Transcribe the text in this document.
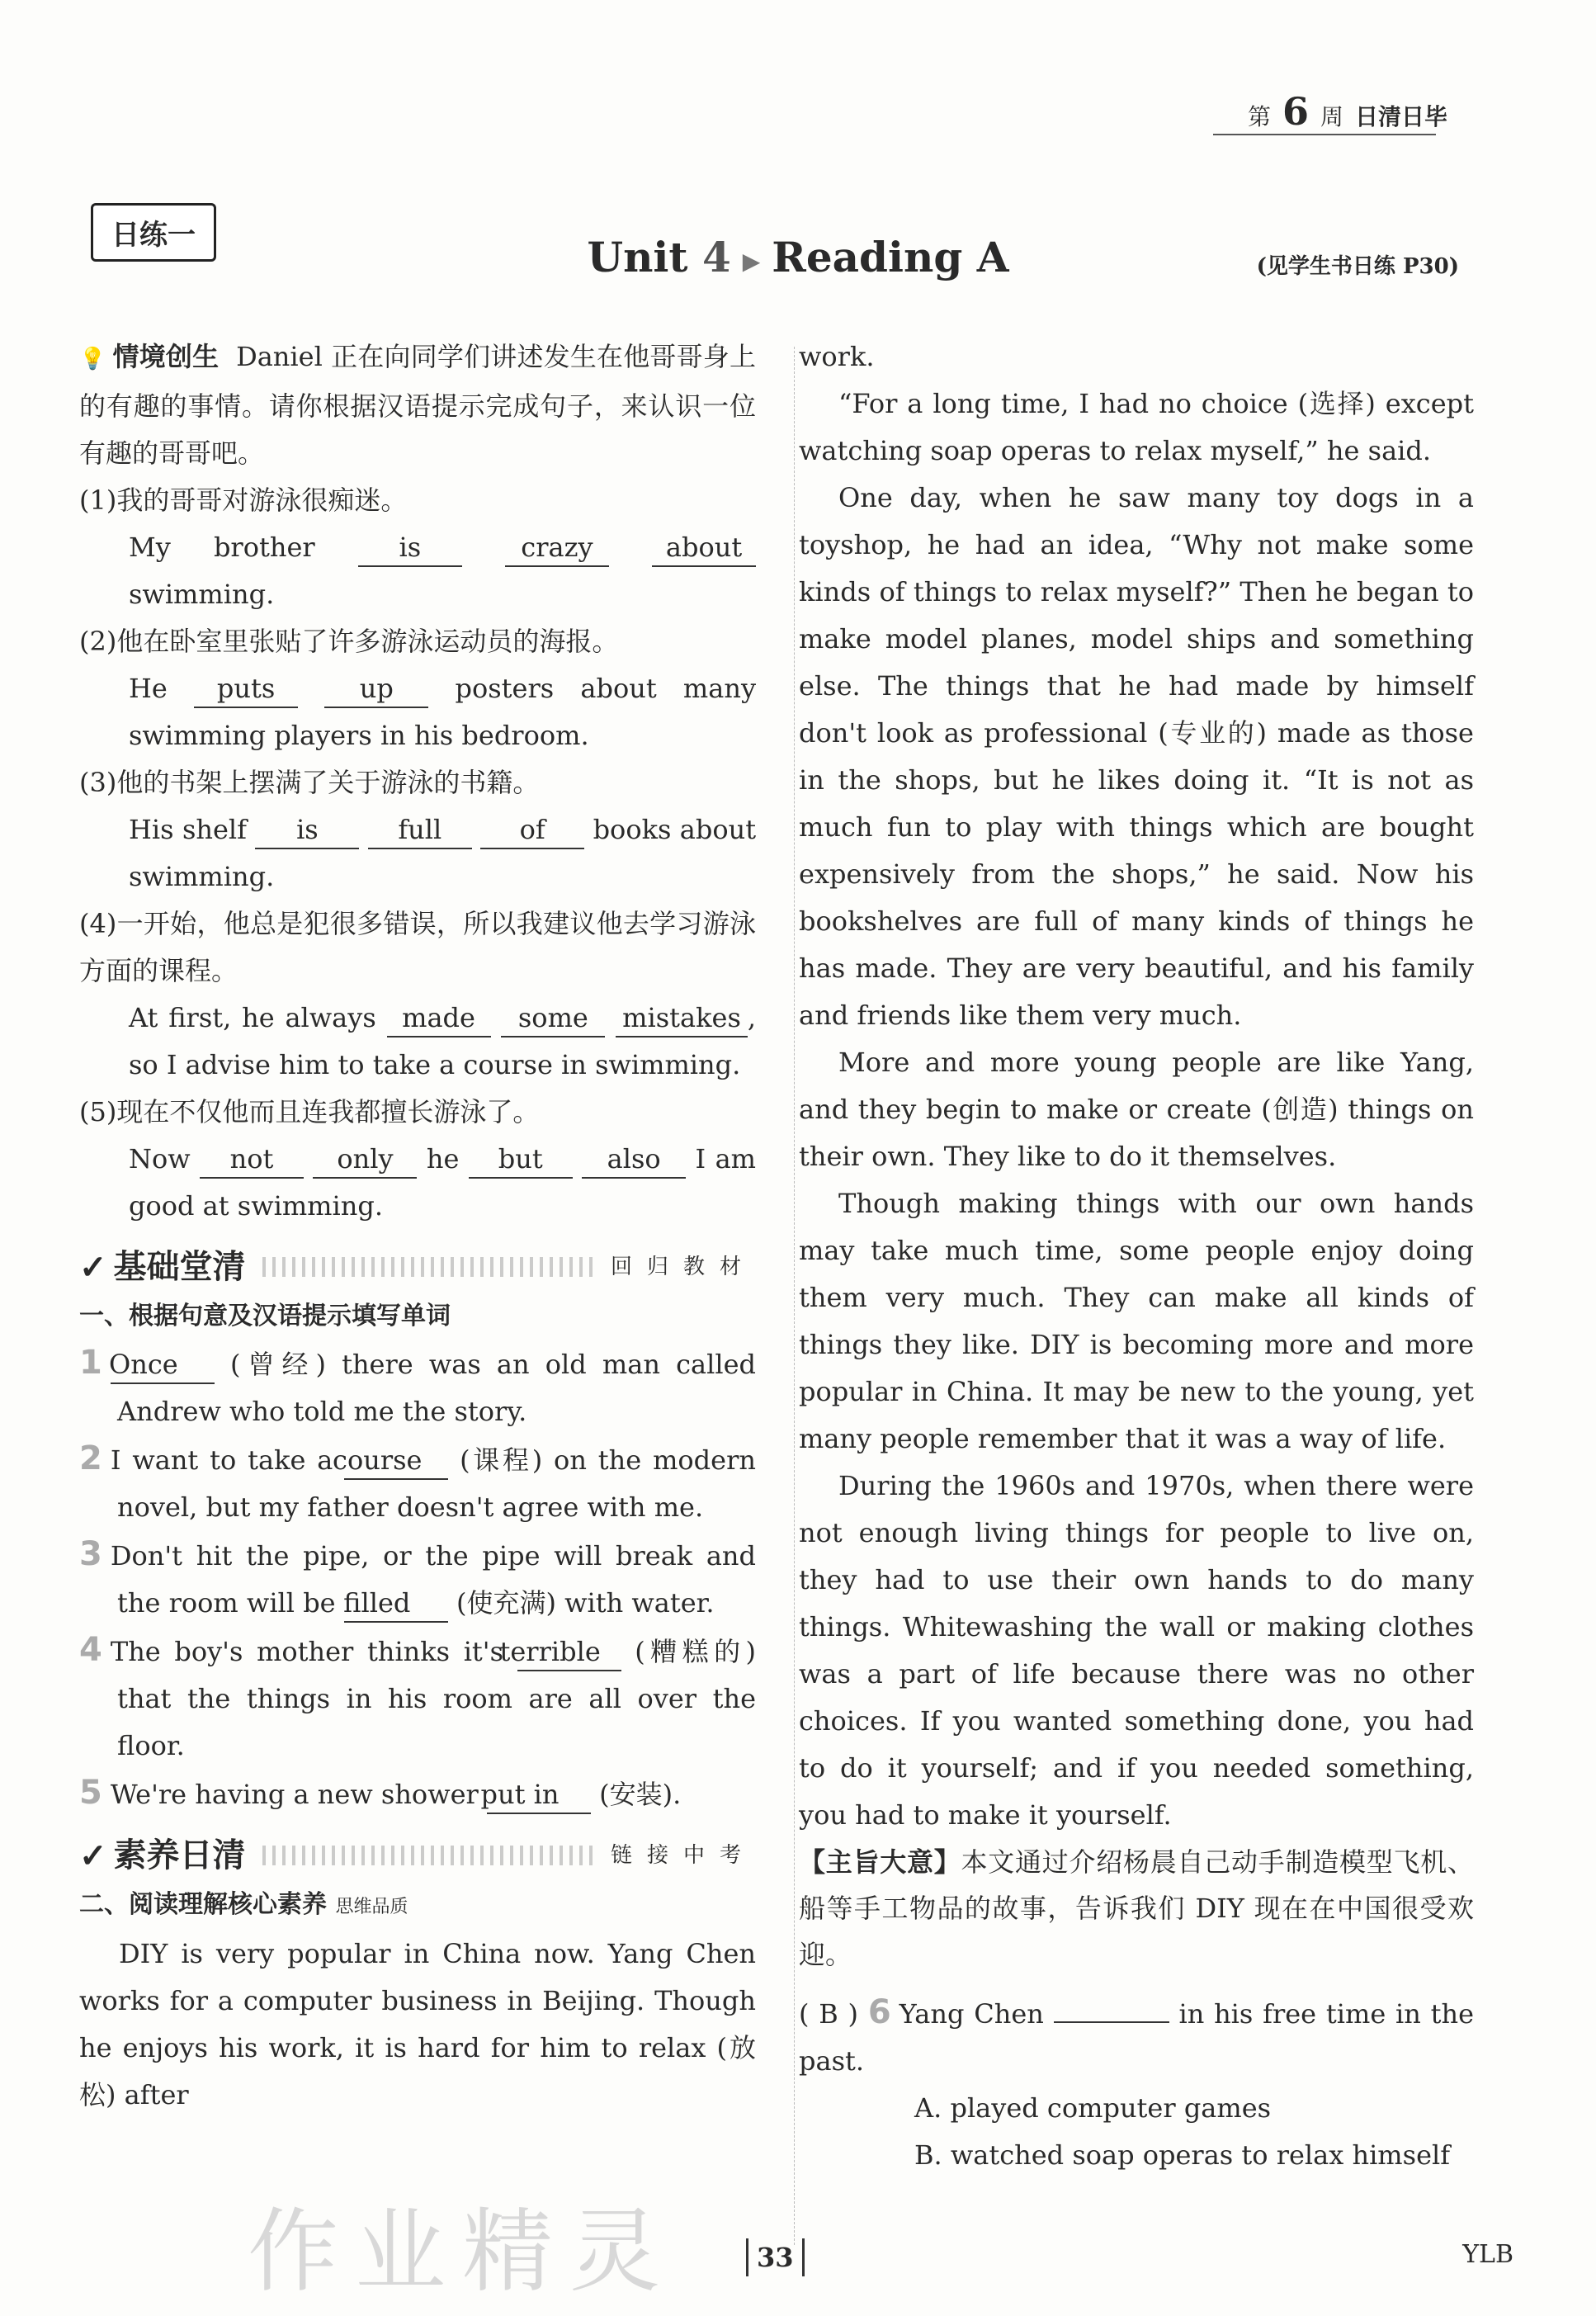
第 6 周 日清日毕
日练一	Unit 4 ▶ Reading A	(见学生书日练 P30)

💡 情境创生 Daniel 正在向同学们讲述发生在他哥哥身上的有趣的事情。请你根据汉语提示完成句子，来认识一位有趣的哥哥吧。

(1)我的哥哥对游泳很痴迷。

My brother	is	crazy	about swimming.

(2)他在卧室里张贴了许多游泳运动员的海报。

He puts	up posters about many swimming players in his bedroom.

(3)他的书架上摆满了关于游泳的书籍。

His shelf is	full	of books about swimming.

(4)一开始，他总是犯很多错误，所以我建议他去学习游泳方面的课程。

At first, he always made some mistakes , so I advise him to take a course in swimming.

(5)现在不仅他而且连我都擅长游泳了。

Now not only he but also I am good at swimming.

✓ 基础堂清	回归教材

一、根据句意及汉语提示填写单词

1 Once (曾经) there was an old man called Andrew who told me the story.

2 I want to take a course (课程) on the modern novel, but my father doesn't agree with me.

3 Don't hit the pipe, or the pipe will break and the room will be filled (使充满) with water.

4 The boy's mother thinks it's terrible (糟糕的) that the things in his room are all over the floor.

5 We're having a new shower put in (安装).

✓ 素养日清	链接中考

二、阅读理解核心素养 思维品质

DIY is very popular in China now. Yang Chen works for a computer business in Beijing. Though he enjoys his work, it is hard for him to relax (放松) after

work.

“For a long time, I had no choice (选择) except watching soap operas to relax myself,” he said.

One day, when he saw many toy dogs in a toyshop, he had an idea, “Why not make some kinds of things to relax myself?” Then he began to make model planes, model ships and something else. The things that he had made by himself don't look as professional (专业的) made as those in the shops, but he likes doing it. “It is not as much fun to play with things which are bought expensively from the shops,” he said. Now his bookshelves are full of many kinds of things he has made. They are very beautiful, and his family and friends like them very much.

More and more young people are like Yang, and they begin to make or create (创造) things on their own. They like to do it themselves.

Though making things with our own hands may take much time, some people enjoy doing them very much. They can make all kinds of things they like. DIY is becoming more and more popular in China. It may be new to the young, yet many people remember that it was a way of life.

During the 1960s and 1970s, when there were not enough living things for people to live on, they had to use their own hands to do many things. Whitewashing the wall or making clothes was a part of life because there was no other choices. If you wanted something done, you had to do it yourself; and if you needed something, you had to make it yourself.

【主旨大意】本文通过介绍杨晨自己动手制造模型飞机、船等手工物品的故事，告诉我们 DIY 现在在中国很受欢迎。

( B ) 6 Yang Chen	in his free time in the past.

A. played computer games

B. watched soap operas to relax himself

作业精灵	33	YLB
